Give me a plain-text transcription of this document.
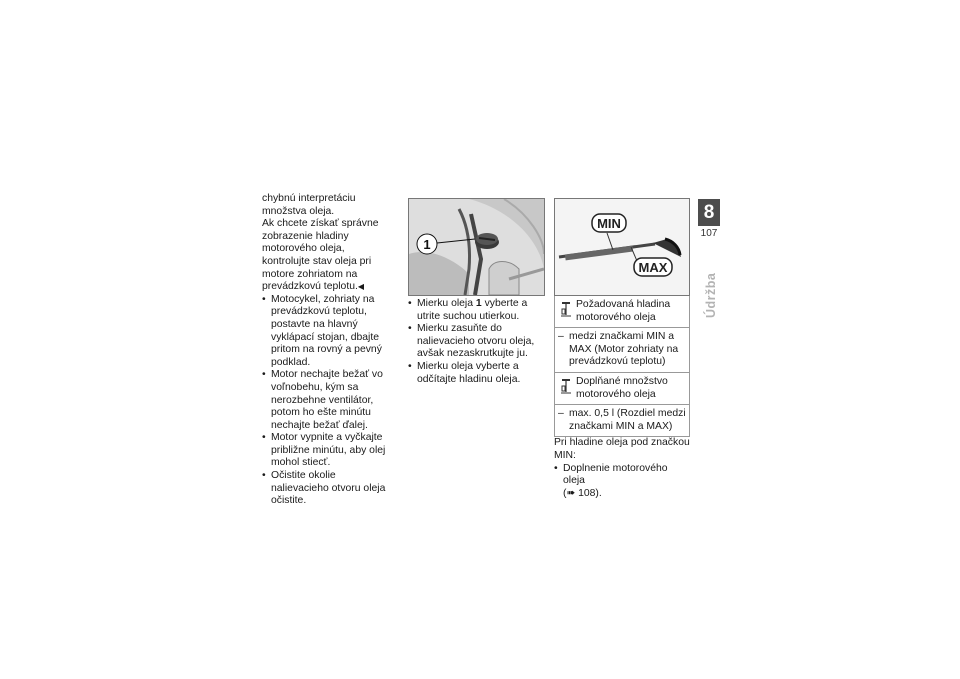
chybnú interpretáciu množstva oleja.

Ak chcete získať správne zobrazenie hladiny motorového oleja, kontrolujte stav oleja pri motore zohriatom na prevádzkovú teplotu.◀

• Motocykel, zohriaty na prevádzkovú teplotu, postavte na hlavný vyklápací stojan, dbajte pritom na rovný a pevný podklad.
• Motor nechajte bežať vo voľnobehu, kým sa nerozbehne ventilátor, potom ho ešte minútu nechajte bežať ďalej.
• Motor vypnite a vyčkajte približne minútu, aby olej mohol stiecť.
• Očistite okolie nalievacieho otvoru oleja očistite.
1
• Mierku oleja 1 vyberte a utrite suchou utierkou.
• Mierku zasuňte do nalievacieho otvoru oleja, avšak nezaskrutkujte ju.
• Mierku oleja vyberte a odčítajte hladinu oleja.
MIN
MAX
Požadovaná hladina motorového oleja
– medzi značkami MIN a MAX (Motor zohriaty na prevádzkovú teplotu)
Doplňané množstvo motorového oleja
– max. 0,5 l (Rozdiel medzi značkami MIN a MAX)

Pri hladine oleja pod značkou MIN:

• Doplnenie motorového oleja
(➠ 108).
8
107
Údržba
